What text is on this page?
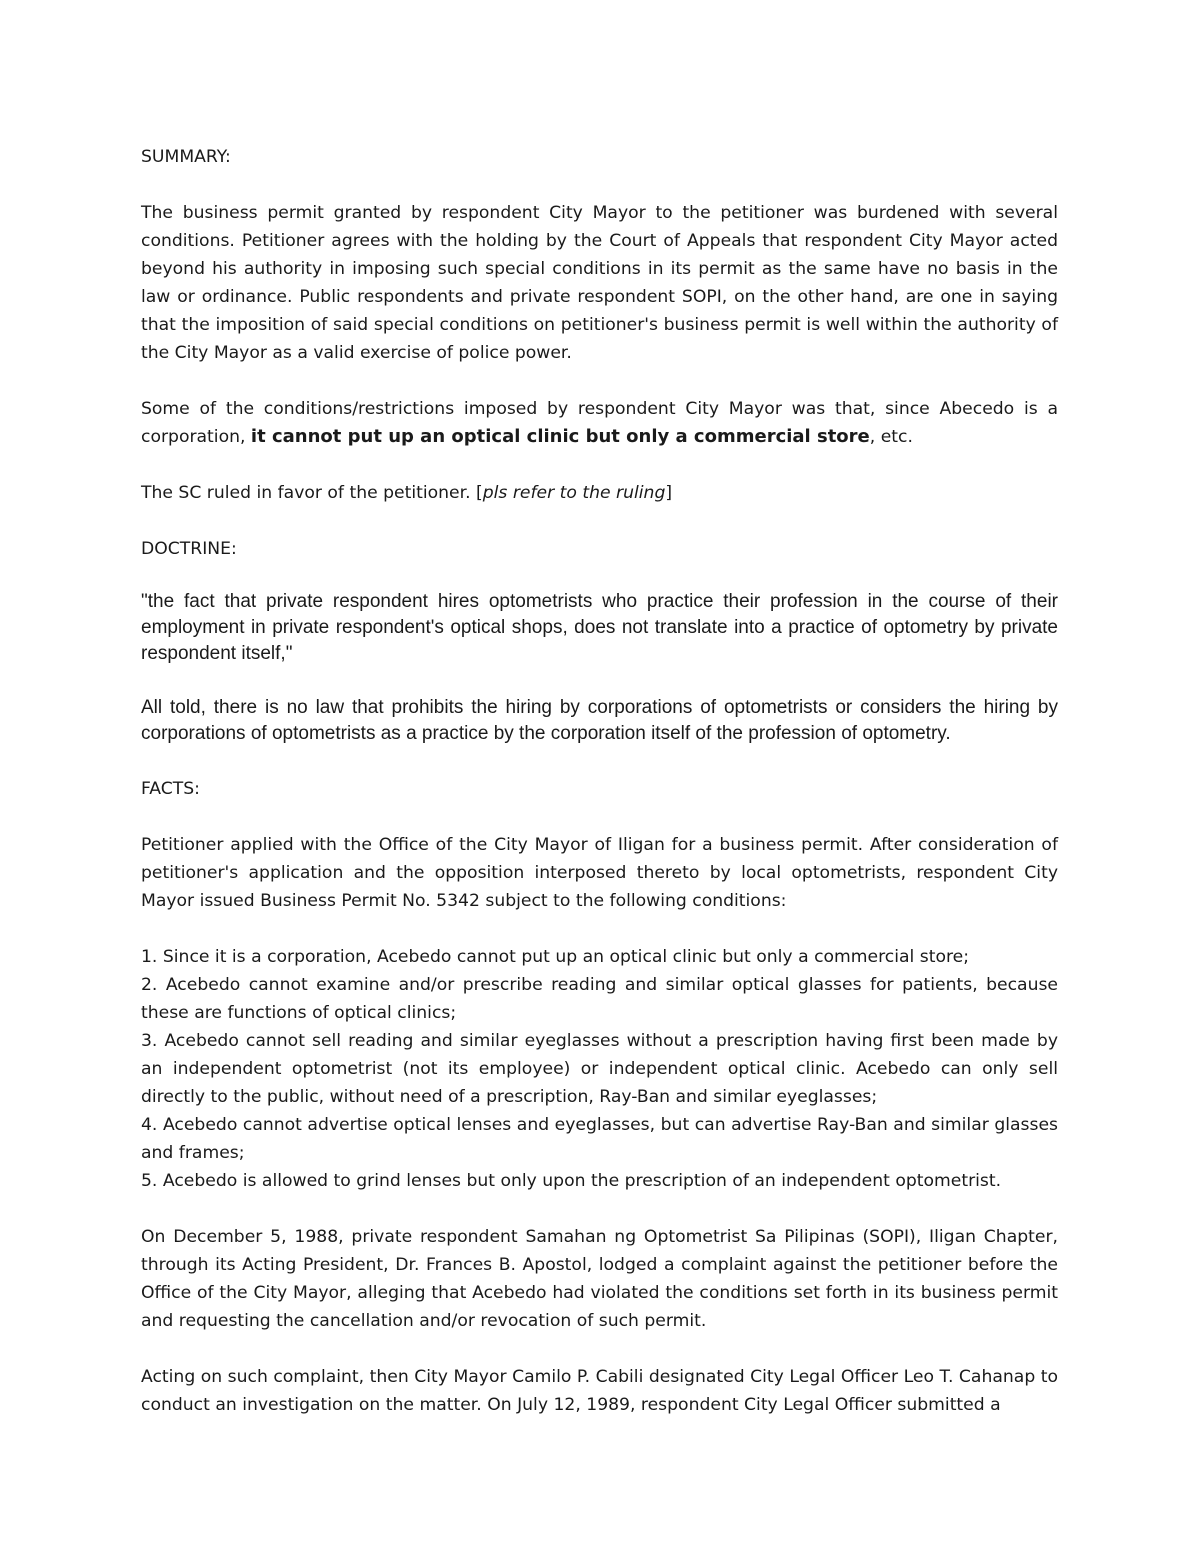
SUMMARY:

The business permit granted by respondent City Mayor to the petitioner was burdened with several conditions. Petitioner agrees with the holding by the Court of Appeals that respondent City Mayor acted beyond his authority in imposing such special conditions in its permit as the same have no basis in the law or ordinance. Public respondents and private respondent SOPI, on the other hand, are one in saying that the imposition of said special conditions on petitioner's business permit is well within the authority of the City Mayor as a valid exercise of police power.

Some of the conditions/restrictions imposed by respondent City Mayor was that, since Abecedo is a corporation, it cannot put up an optical clinic but only a commercial store, etc.

The SC ruled in favor of the petitioner. [pls refer to the ruling]

DOCTRINE:

"the fact that private respondent hires optometrists who practice their profession in the course of their employment in private respondent's optical shops, does not translate into a practice of optometry by private respondent itself,"

All told, there is no law that prohibits the hiring by corporations of optometrists or considers the hiring by corporations of optometrists as a practice by the corporation itself of the profession of optometry.

FACTS:

Petitioner applied with the Office of the City Mayor of Iligan for a business permit. After consideration of petitioner's application and the opposition interposed thereto by local optometrists, respondent City Mayor issued Business Permit No. 5342 subject to the following conditions:

1. Since it is a corporation, Acebedo cannot put up an optical clinic but only a commercial store;

2. Acebedo cannot examine and/or prescribe reading and similar optical glasses for patients, because these are functions of optical clinics;

3. Acebedo cannot sell reading and similar eyeglasses without a prescription having first been made by an independent optometrist (not its employee) or independent optical clinic. Acebedo can only sell directly to the public, without need of a prescription, Ray-Ban and similar eyeglasses;

4. Acebedo cannot advertise optical lenses and eyeglasses, but can advertise Ray-Ban and similar glasses and frames;

5. Acebedo is allowed to grind lenses but only upon the prescription of an independent optometrist.

On December 5, 1988, private respondent Samahan ng Optometrist Sa Pilipinas (SOPI), Iligan Chapter, through its Acting President, Dr. Frances B. Apostol, lodged a complaint against the petitioner before the Office of the City Mayor, alleging that Acebedo had violated the conditions set forth in its business permit and requesting the cancellation and/or revocation of such permit.

Acting on such complaint, then City Mayor Camilo P. Cabili designated City Legal Officer Leo T. Cahanap to conduct an investigation on the matter. On July 12, 1989, respondent City Legal Officer submitted a
